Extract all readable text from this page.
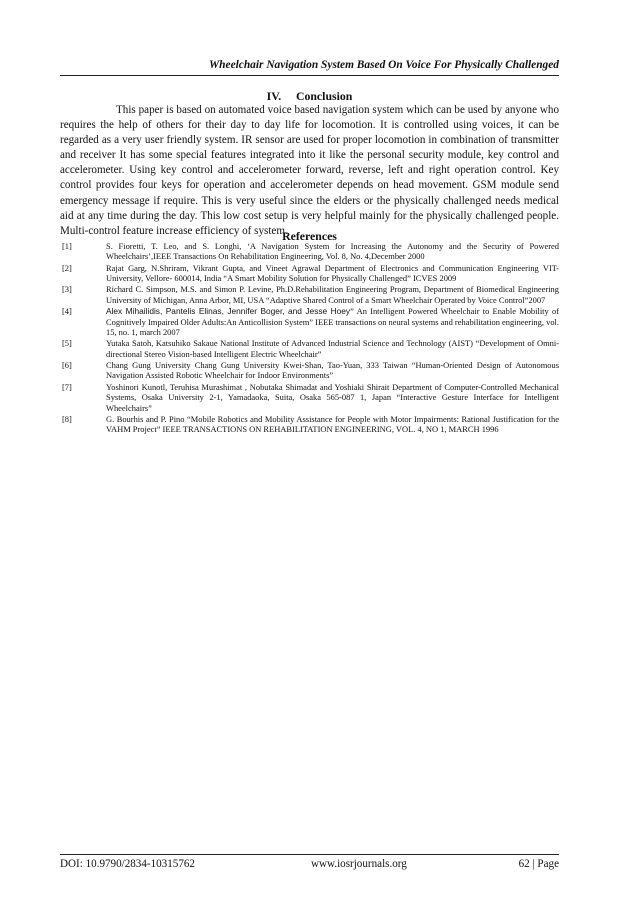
Wheelchair Navigation System Based On Voice For Physically Challenged
IV. Conclusion

This paper is based on automated voice based navigation system which can be used by anyone who requires the help of others for their day to day life for locomotion. It is controlled using voices, it can be regarded as a very user friendly system. IR sensor are used for proper locomotion in combination of transmitter and receiver It has some special features integrated into it like the personal security module, key control and accelerometer. Using key control and accelerometer forward, reverse, left and right operation control. Key control provides four keys for operation and accelerometer depends on head movement. GSM module send emergency message if require. This is very useful since the elders or the physically challenged needs medical aid at any time during the day. This low cost setup is very helpful mainly for the physically challenged people. Multi-control feature increase efficiency of system.

References
[1]	S. Fioretti, T. Leo, and S. Longhi, ‘A Navigation System for Increasing the Autonomy and the Security of Powered Wheelchairs’,IEEE Transactions On Rehabilitation Engineering, Vol. 8, No. 4,December 2000
[2]	Rajat Garg, N.Shriram, Vikrant Gupta, and Vineet Agrawal Department of Electronics and Communication Engineering VIT-University, Vellore- 600014, India “A Smart Mobility Solution for Physically Challenged” ICVES 2009
[3]	Richard C. Simpson, M.S. and Simon P. Levine, Ph.D.Rehabilitation Engineering Program, Department of Biomedical Engineering University of Michigan, Anna Arbor, MI, USA “Adaptive Shared Control of a Smart Wheelchair Operated by Voice Control”2007
[4]	Alex Mihailidis, Pantelis Elinas, Jennifer Boger, and Jesse Hoey” An Intelligent Powered Wheelchair to Enable Mobility of Cognitively Impaired Older Adults:An Anticollision System” IEEE transactions on neural systems and rehabilitation engineering, vol. 15, no. 1, march 2007
[5]	Yutaka Satoh, Katsuhiko Sakaue National Institute of Advanced Industrial Science and Technology (AIST) “Development of Omni-directional Stereo Vision-based Intelligent Electric Wheelchair”
[6]	Chang Gung University Chang Gung University Kwei-Shan, Tao-Yuan, 333 Taiwan “Human-Oriented Design of Autonomous Navigation Assisted Robotic Wheelchair for Indoor Environments”
[7]	Yoshinori Kunotl, Teruhisa Murashimat , Nobutaka Shimadat and Yoshiaki Shirait Department of Computer-Controlled Mechanical Systems, Osaka University 2-1, Yamadaoka, Suita, Osaka 565-087 1, Japan “Interactive Gesture Interface for Intelligent Wheelchairs”
[8]	G. Bourhis and P. Pino “Mobile Robotics and Mobility Assistance for People with Motor Impairments: Rational Justification for the VAHM Project” IEEE TRANSACTIONS ON REHABILITATION ENGINEERING, VOL. 4, NO 1, MARCH 1996
DOI: 10.9790/2834-10315762	www.iosrjournals.org	62 | Page
